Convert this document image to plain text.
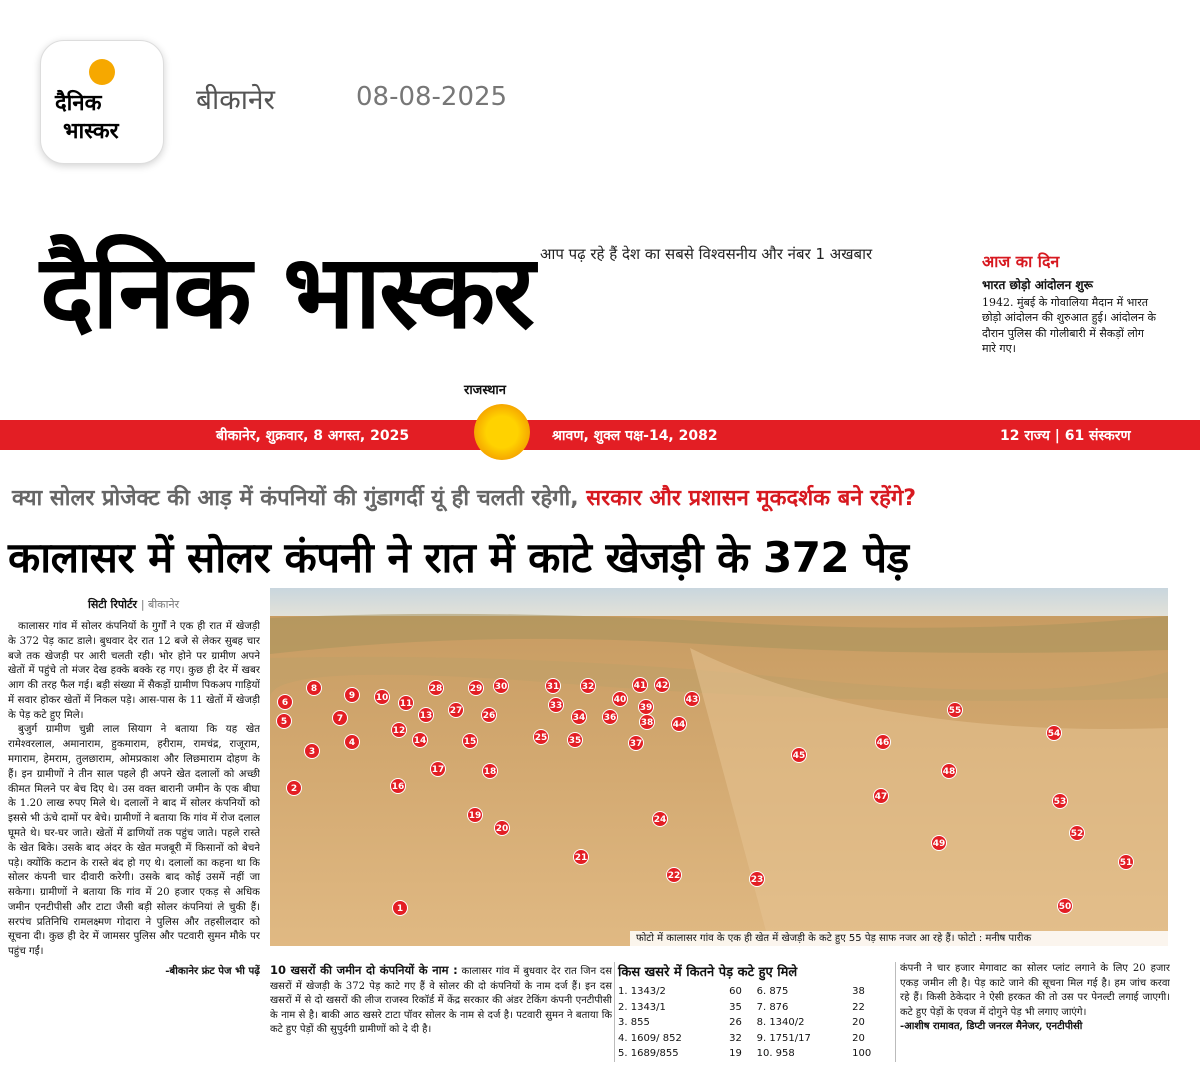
दैनिक
भास्कर
बीकानेर	08-08-2025
दैनिक भास्कर आप पढ़ रहे हैं देश का सबसे विश्वसनीय और नंबर 1 अखबार
राजस्थान
आज का दिन
भारत छोड़ो आंदोलन शुरू

1942. मुंबई के गोवालिया मैदान में भारत छोड़ो आंदोलन की शुरुआत हुई। आंदोलन के दौरान पुलिस की गोलीबारी में सैकड़ों लोग मारे गए।

बीकानेर, शुक्रवार, 8 अगस्त, 2025	श्रावण, शुक्ल पक्ष-14, 2082	12 राज्य | 61 संस्करण
क्या सोलर प्रोजेक्ट की आड़ में कंपनियों की गुंडागर्दी यूं ही चलती रहेगी, सरकार और प्रशासन मूकदर्शक बने रहेंगे?
कालासर में सोलर कंपनी ने रात में काटे खेजड़ी के 372 पेड़
सिटी रिपोर्टर | बीकानेर

कालासर गांव में सोलर कंपनियों के गुर्गों ने एक ही रात में खेजड़ी के 372 पेड़ काट डाले। बुधवार देर रात 12 बजे से लेकर सुबह चार बजे तक खेजड़ी पर आरी चलती रही। भोर होने पर ग्रामीण अपने खेतों में पहुंचे तो मंजर देख हक्के बक्के रह गए। कुछ ही देर में खबर आग की तरह फैल गई। बड़ी संख्या में सैकड़ों ग्रामीण पिकअप गाड़ियों में सवार होकर खेतों में निकल पड़े। आस-पास के 11 खेतों में खेजड़ी के पेड़ कटे हुए मिले।

बुजुर्ग ग्रामीण चुन्नी लाल सियाग ने बताया कि यह खेत रामेश्वरलाल, अमानाराम, हुकमाराम, हरीराम, रामचंद्र, राजूराम, मगाराम, हेमराम, तुलछाराम, ओमप्रकाश और लिछमाराम दोहण के हैं। इन ग्रामीणों ने तीन साल पहले ही अपने खेत दलालों को अच्छी कीमत मिलने पर बेच दिए थे। उस वक्त बारानी जमीन के एक बीघा के 1.20 लाख रुपए मिले थे। दलालों ने बाद में सोलर कंपनियों को इससे भी ऊंचे दामों पर बेचे। ग्रामीणों ने बताया कि गांव में रोज दलाल घूमते थे। घर-घर जाते। खेतों में ढाणियों तक पहुंच जाते। पहले रास्ते के खेत बिके। उसके बाद अंदर के खेत मजबूरी में किसानों को बेचने पड़े। क्योंकि कटान के रास्ते बंद हो गए थे। दलालों का कहना था कि सोलर कंपनी चार दीवारी करेगी। उसके बाद कोई उसमें नहीं जा सकेगा। ग्रामीणों ने बताया कि गांव में 20 हजार एकड़ से अधिक जमीन एनटीपीसी और टाटा जैसी बड़ी सोलर कंपनियां ले चुकी हैं। सरपंच प्रतिनिधि रामलक्ष्मण गोदारा ने पुलिस और तहसीलदार को सूचना दी। कुछ ही देर में जामसर पुलिस और पटवारी सुमन मौके पर पहुंच गईं।

-बीकानेर फ्रंट पेज भी पढ़ें
1
2
3
4
5
6
7
8
9	10
11
12
13
14	15
16
17	18
19
20
21
22	23
24
25
26
27
28	29 30	31 32
33
34
35
36
37
38
39
40
41 42
43
44
45
46
47
48
49
50
51
52
53
54
55
फोटो में कालासर गांव के एक ही खेत में खेजड़ी के कटे हुए 55 पेड़ साफ नजर आ रहे हैं। फोटो : मनीष पारीक
10 खसरों की जमीन दो कंपनियों के नाम : कालासर गांव में बुधवार देर रात जिन दस खसरों में खेजड़ी के 372 पेड़ काटे गए हैं वे सोलर की दो कंपनियों के नाम दर्ज हैं। इन दस खसरों में से दो खसरों की लीज राजस्व रिकॉर्ड में केंद्र सरकार की अंडर टेकिंग कंपनी एनटीपीसी के नाम से है। बाकी आठ खसरे टाटा पॉवर सोलर के नाम से दर्ज है। पटवारी सुमन ने बताया कि कटे हुए पेड़ों की सुपुर्दगी ग्रामीणों को दे दी है।
किस खसरे में कितने पेड़ कटे हुए मिले
1. 1343/2	60	6. 875	38
2. 1343/1	35	7. 876	22
3. 855	26	8. 1340/2	20
4. 1609/ 852	32	9. 1751/17	20
5. 1689/855	19	10. 958	100
कंपनी ने चार हजार मेगावाट का सोलर प्लांट लगाने के लिए 20 हजार एकड़ जमीन ली है। पेड़ काटे जाने की सूचना मिल गई है। हम जांच करवा रहे हैं। किसी ठेकेदार ने ऐसी हरकत की तो उस पर पेनल्टी लगाई जाएगी। कटे हुए पेड़ों के एवज में दोगुने पेड़ भी लगाए जाएंगे।
-आशीष रामावत, डिप्टी जनरल मैनेजर, एनटीपीसी
